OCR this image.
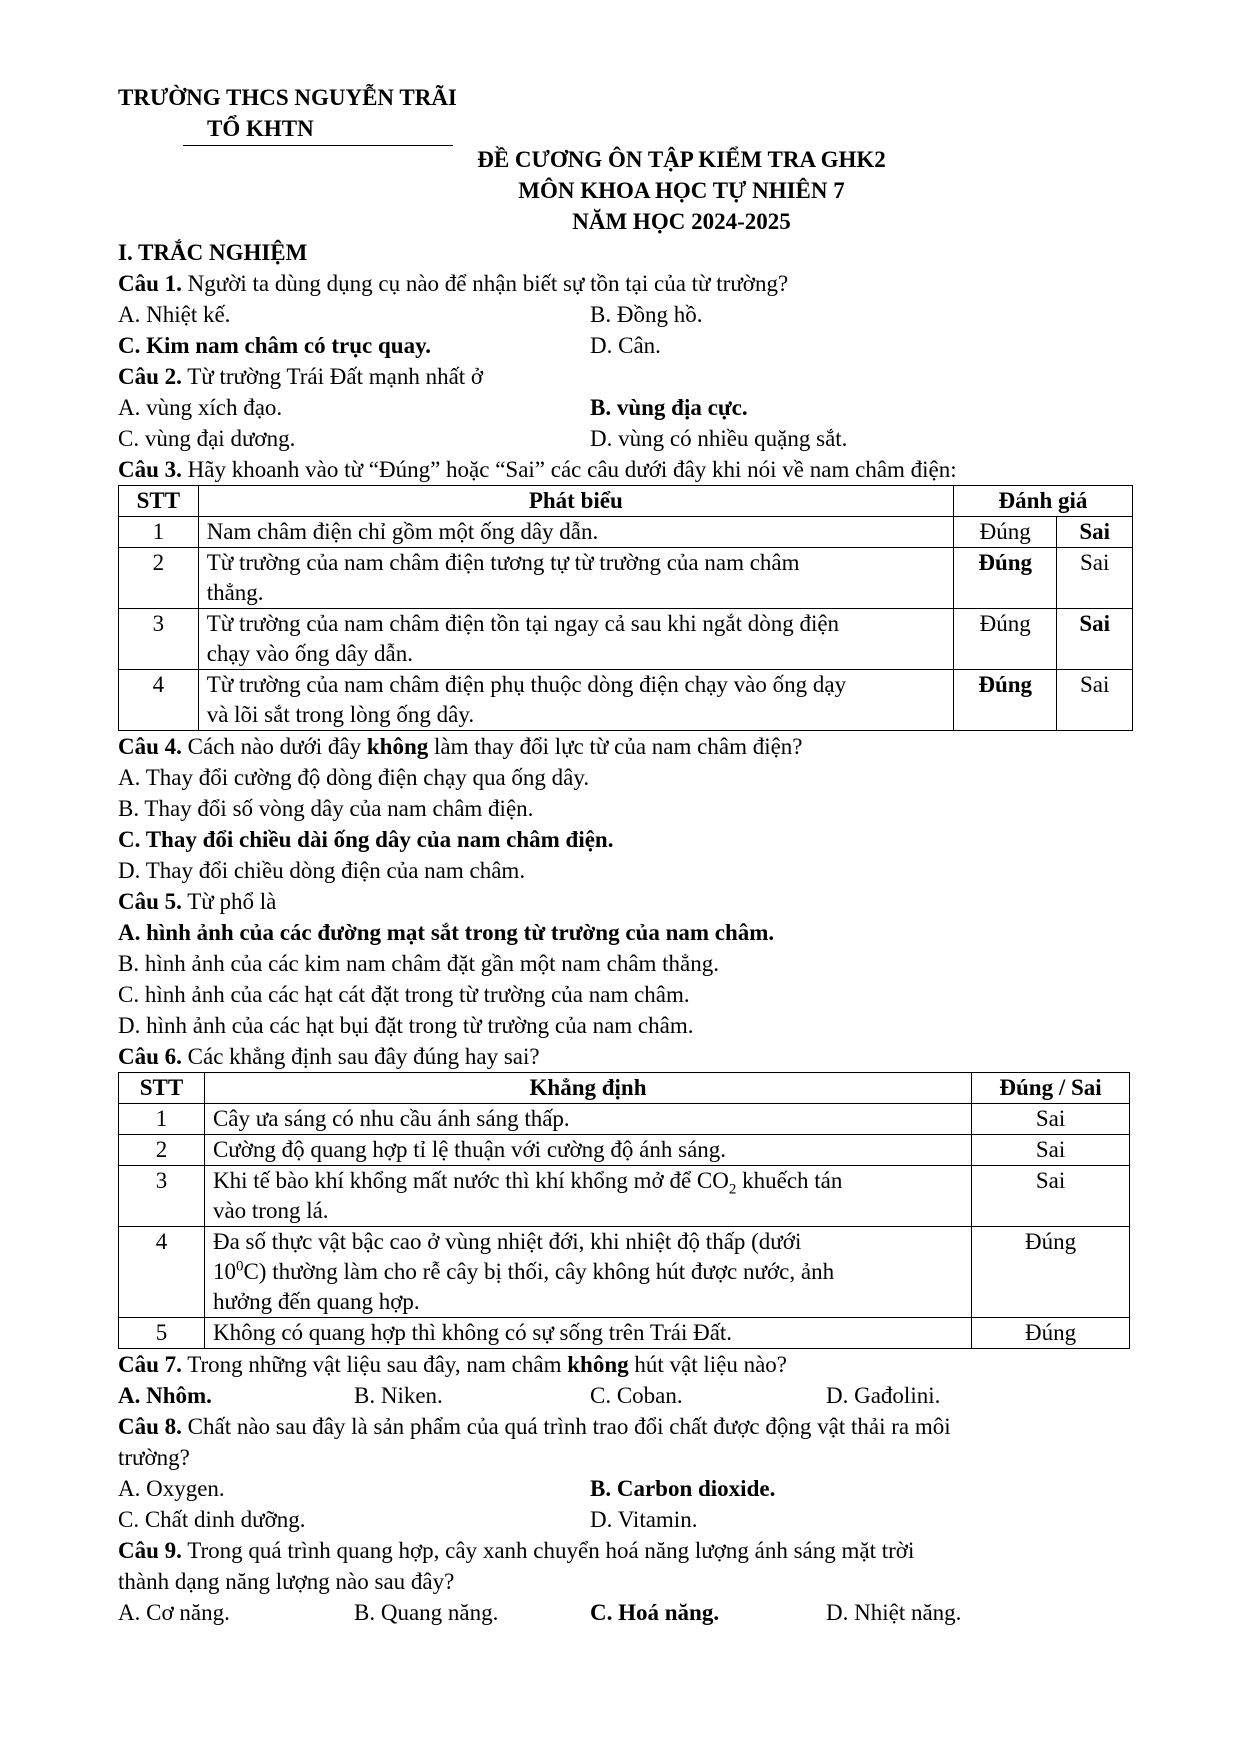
TRƯỜNG THCS NGUYỄN TRÃI
TỔ KHTN
ĐỀ CƯƠNG ÔN TẬP KIỂM TRA GHK2
MÔN KHOA HỌC TỰ NHIÊN 7
NĂM HỌC 2024-2025
I. TRẮC NGHIỆM
Câu 1. Người ta dùng dụng cụ nào để nhận biết sự tồn tại của từ trường?
A. Nhiệt kế.	B. Đồng hồ.
C. Kim nam châm có trục quay.	D. Cân.
Câu 2. Từ trường Trái Đất mạnh nhất ở
A. vùng xích đạo.	B. vùng địa cực.
C. vùng đại dương.	D. vùng có nhiều quặng sắt.
Câu 3. Hãy khoanh vào từ “Đúng” hoặc “Sai” các câu dưới đây khi nói về nam châm điện:
STT	Phát biểu	Đánh giá	
1	Nam châm điện chỉ gồm một ống dây dẫn.	Đúng	Sai
2	Từ trường của nam châm điện tương tự từ trường của nam châm
thẳng.	Đúng	Sai
3	Từ trường của nam châm điện tồn tại ngay cả sau khi ngắt dòng điện
chạy vào ống dây dẫn.	Đúng	Sai
4	Từ trường của nam châm điện phụ thuộc dòng điện chạy vào ống dạy
và lõi sắt trong lòng ống dây.	Đúng	Sai
Câu 4. Cách nào dưới đây không làm thay đổi lực từ của nam châm điện?
A. Thay đổi cường độ dòng điện chạy qua ống dây.
B. Thay đổi số vòng dây của nam châm điện.
C. Thay đổi chiều dài ống dây của nam châm điện.
D. Thay đổi chiều dòng điện của nam châm.
Câu 5. Từ phổ là
A. hình ảnh của các đường mạt sắt trong từ trường của nam châm.
B. hình ảnh của các kim nam châm đặt gần một nam châm thẳng.
C. hình ảnh của các hạt cát đặt trong từ trường của nam châm.
D. hình ảnh của các hạt bụi đặt trong từ trường của nam châm.
Câu 6. Các khẳng định sau đây đúng hay sai?
STT	Khẳng định	Đúng / Sai
1	Cây ưa sáng có nhu cầu ánh sáng thấp.	Sai
2	Cường độ quang hợp tỉ lệ thuận với cường độ ánh sáng.	Sai
3	Khi tế bào khí khổng mất nước thì khí khổng mở để $CO_2$ khuếch tán
vào trong lá.	Sai
4	Đa số thực vật bậc cao ở vùng nhiệt đới, khi nhiệt độ thấp (dưới
$10^0C$) thường làm cho rễ cây bị thối, cây không hút được nước, ảnh
hưởng đến quang hợp.	Đúng
5	Không có quang hợp thì không có sự sống trên Trái Đất.	Đúng
Câu 7. Trong những vật liệu sau đây, nam châm không hút vật liệu nào?
A. Nhôm.	B. Niken.	C. Coban.	D. Gađolini.
Câu 8. Chất nào sau đây là sản phẩm của quá trình trao đổi chất được động vật thải ra môi
trường?
A. Oxygen.	B. Carbon dioxide.
C. Chất dinh dưỡng.	D. Vitamin.
Câu 9. Trong quá trình quang hợp, cây xanh chuyển hoá năng lượng ánh sáng mặt trời
thành dạng năng lượng nào sau đây?
A. Cơ năng.	B. Quang năng.	C. Hoá năng.	D. Nhiệt năng.
